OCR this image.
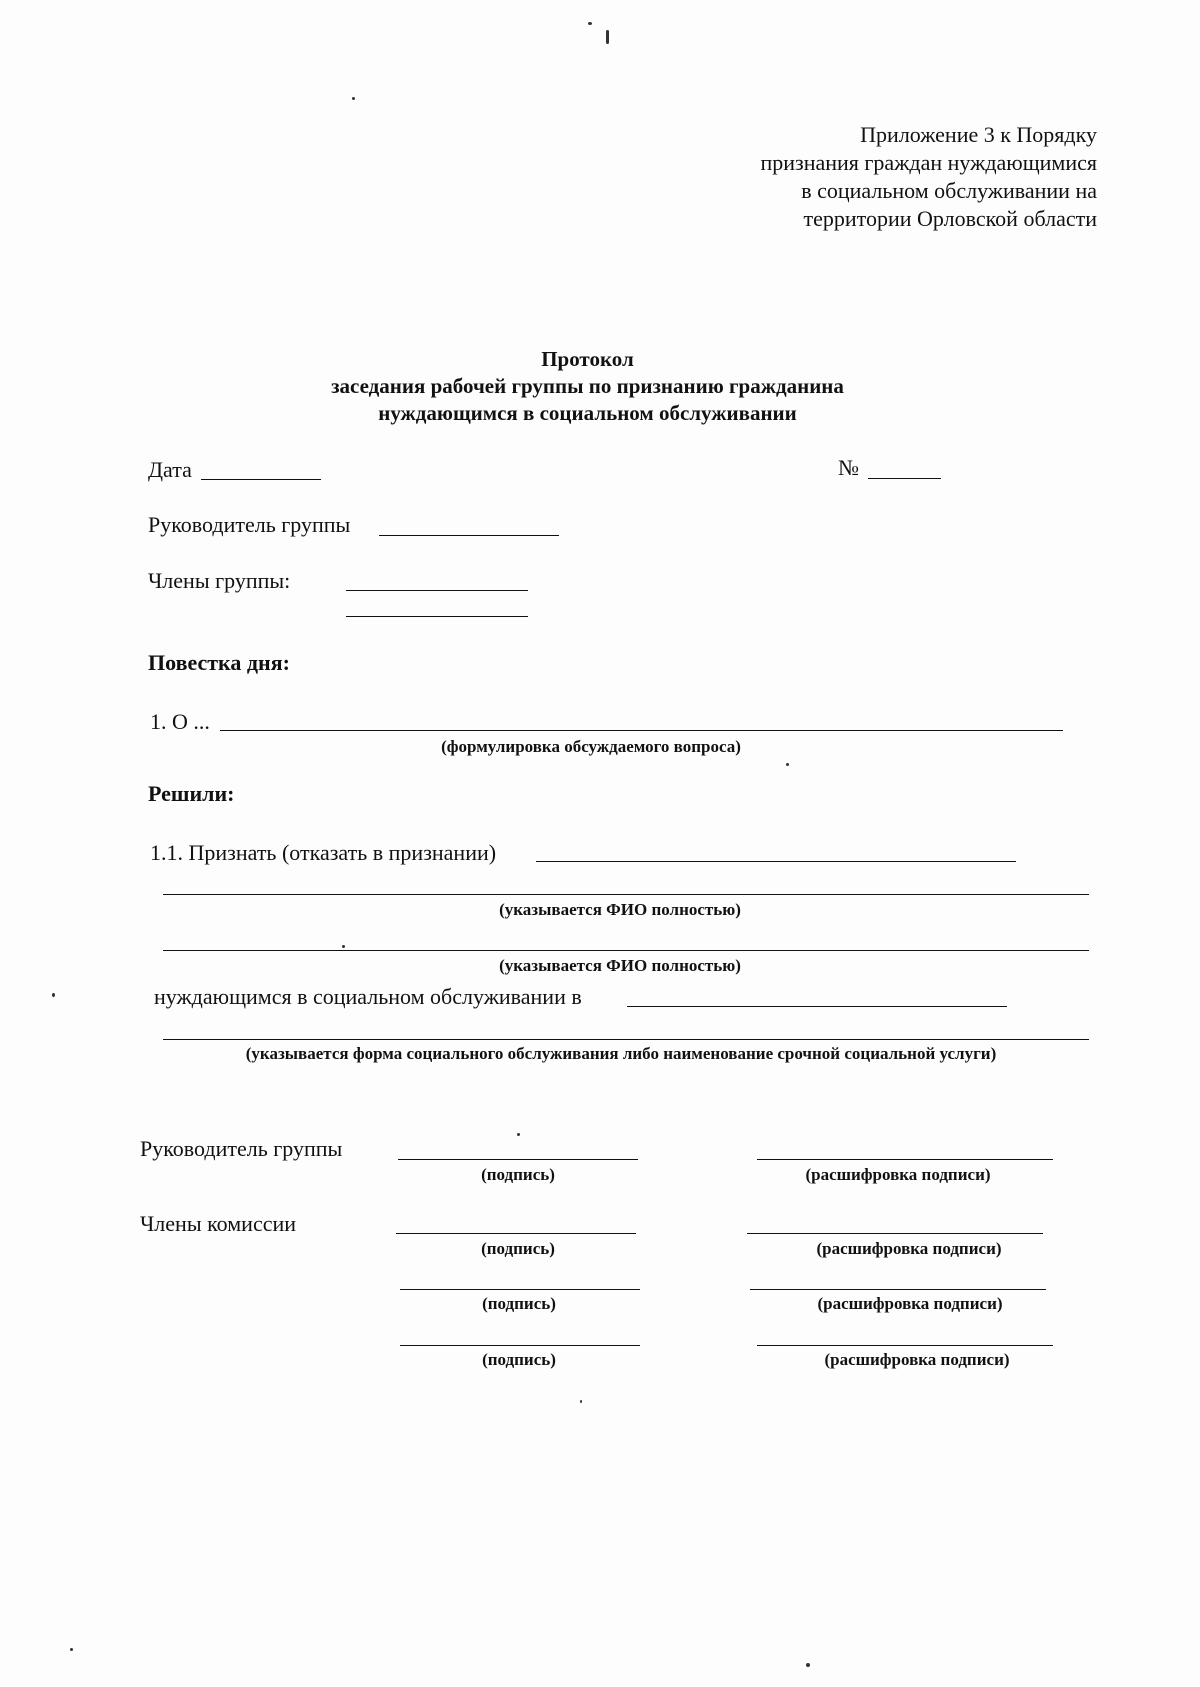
Приложение 3 к Порядку
признания граждан нуждающимися
в социальном обслуживании на
территории Орловской области
Протокол
заседания рабочей группы по признанию гражданина
нуждающимся в социальном обслуживании
Дата	№
Руководитель группы
Члены группы:
Повестка дня:
1. О ...
(формулировка обсуждаемого вопроса)
Решили:
1.1. Признать (отказать в признании)
(указывается ФИО полностью)
(указывается ФИО полностью)
нуждающимся в социальном обслуживании в
(указывается форма социального обслуживания либо наименование срочной социальной услуги)
Руководитель группы
(подпись)	(расшифровка подписи)
Члены комиссии
(подпись)	(расшифровка подписи)
(подпись)	(расшифровка подписи)
(подпись)	(расшифровка подписи)
